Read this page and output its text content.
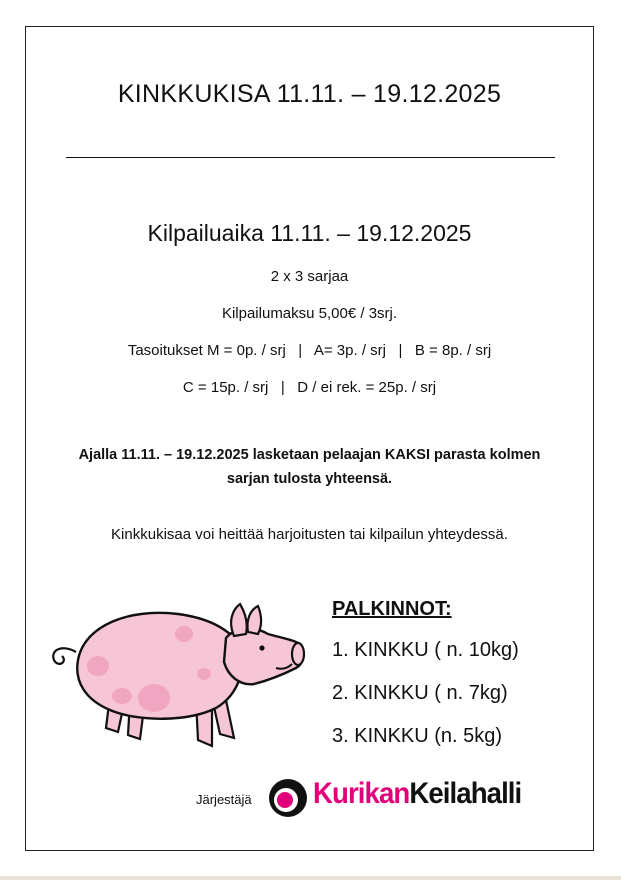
KINKKUKISA 11.11. – 19.12.2025
Kilpailuaika 11.11. – 19.12.2025
2 x 3 sarjaa
Kilpailumaksu 5,00€ / 3srj.
Tasoitukset M = 0p. / srj   |   A= 3p. / srj   |   B = 8p. / srj
C = 15p. / srj   |   D / ei rek. = 25p. / srj
Ajalla 11.11. – 19.12.2025 lasketaan pelaajan KAKSI parasta kolmen
sarjan tulosta yhteensä.
Kinkkukisaa voi heittää harjoitusten tai kilpailun yhteydessä.
PALKINNOT:
1. KINKKU ( n. 10kg)
2. KINKKU ( n. 7kg)
3. KINKKU (n. 5kg)
Järjestäjä KurikanKeilahalli
